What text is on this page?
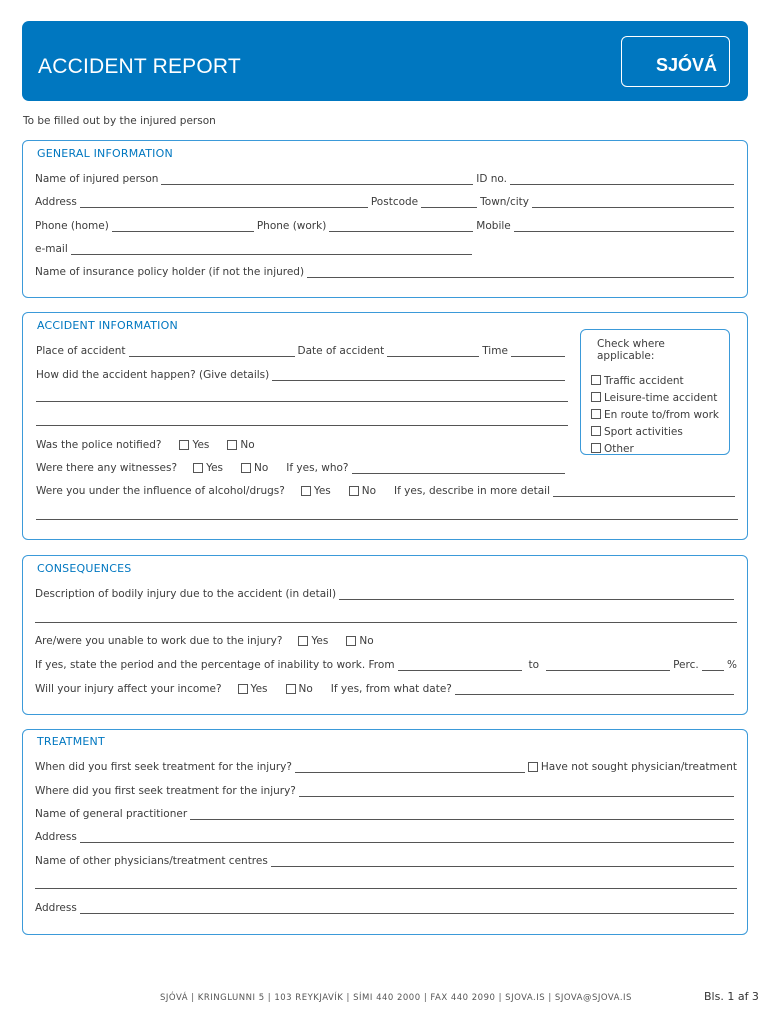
ACCIDENT REPORT	SJÓVÁ
To be filled out by the injured person
GENERAL INFORMATION
Name of injured person	ID no.
Address	Postcode	Town/city
Phone (home)	Phone (work)	Mobile
e-mail
Name of insurance policy holder (if not the injured)
ACCIDENT INFORMATION
Place of accident	Date of accident	Time
How did the accident happen? (Give details)
Was the police notified?	Yes	No
Were there any witnesses?	Yes	No If yes, who?
Were you under the influence of alcohol/drugs?	Yes	No If yes, describe in more detail
Check where applicable:
Traffic accident
Leisure-time accident
En route to/from work
Sport activities
Other
CONSEQUENCES
Description of bodily injury due to the accident (in detail)
Are/were you unable to work due to the injury?	Yes	No
If yes, state the period and the percentage of inability to work. From	to	Perc.	%
Will your injury affect your income?	Yes	No If yes, from what date?
TREATMENT
When did you first seek treatment for the injury?	Have not sought physician/treatment
Where did you first seek treatment for the injury?
Name of general practitioner
Address
Name of other physicians/treatment centres
Address
SJÓVÁ | KRINGLUNNI 5 | 103 REYKJAVÍK | SÍMI 440 2000 | FAX 440 2090 | SJOVA.IS | SJOVA@SJOVA.IS	Bls. 1 af 3
